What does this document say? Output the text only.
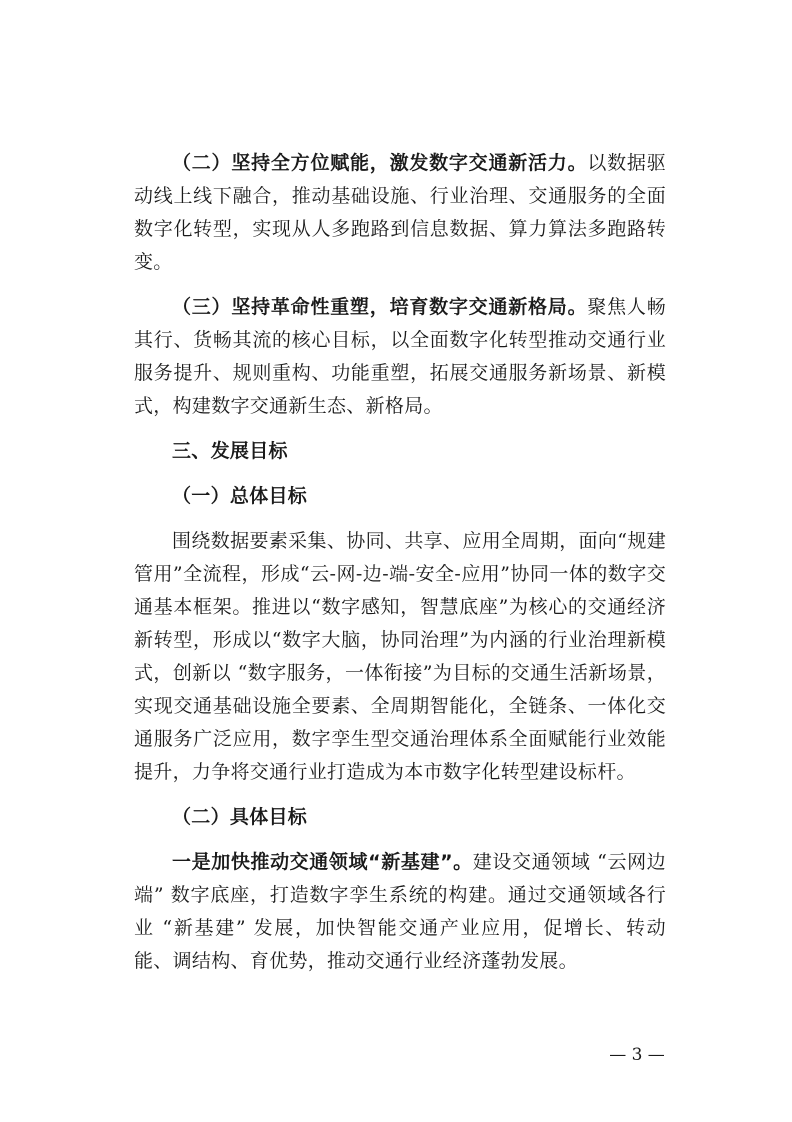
（二）坚持全方位赋能，激发数字交通新活力。以数据驱动线上线下融合，推动基础设施、行业治理、交通服务的全面数字化转型，实现从人多跑路到信息数据、算力算法多跑路转变。

（三）坚持革命性重塑，培育数字交通新格局。聚焦人畅其行、货畅其流的核心目标，以全面数字化转型推动交通行业服务提升、规则重构、功能重塑，拓展交通服务新场景、新模式，构建数字交通新生态、新格局。

三、发展目标
（一）总体目标

围绕数据要素采集、协同、共享、应用全周期，面向“规建管用”全流程，形成“云-网-边-端-安全-应用”协同一体的数字交通基本框架。推进以“数字感知，智慧底座”为核心的交通经济新转型，形成以“数字大脑，协同治理”为内涵的行业治理新模式，创新以 “数字服务，一体衔接”为目标的交通生活新场景，实现交通基础设施全要素、全周期智能化，全链条、一体化交通服务广泛应用，数字孪生型交通治理体系全面赋能行业效能提升，力争将交通行业打造成为本市数字化转型建设标杆。

（二）具体目标

一是加快推动交通领域“新基建”。建设交通领域 “云网边端” 数字底座，打造数字孪生系统的构建。通过交通领域各行业 “新基建” 发展，加快智能交通产业应用，促增长、转动能、调结构、育优势，推动交通行业经济蓬勃发展。

— 3 —
